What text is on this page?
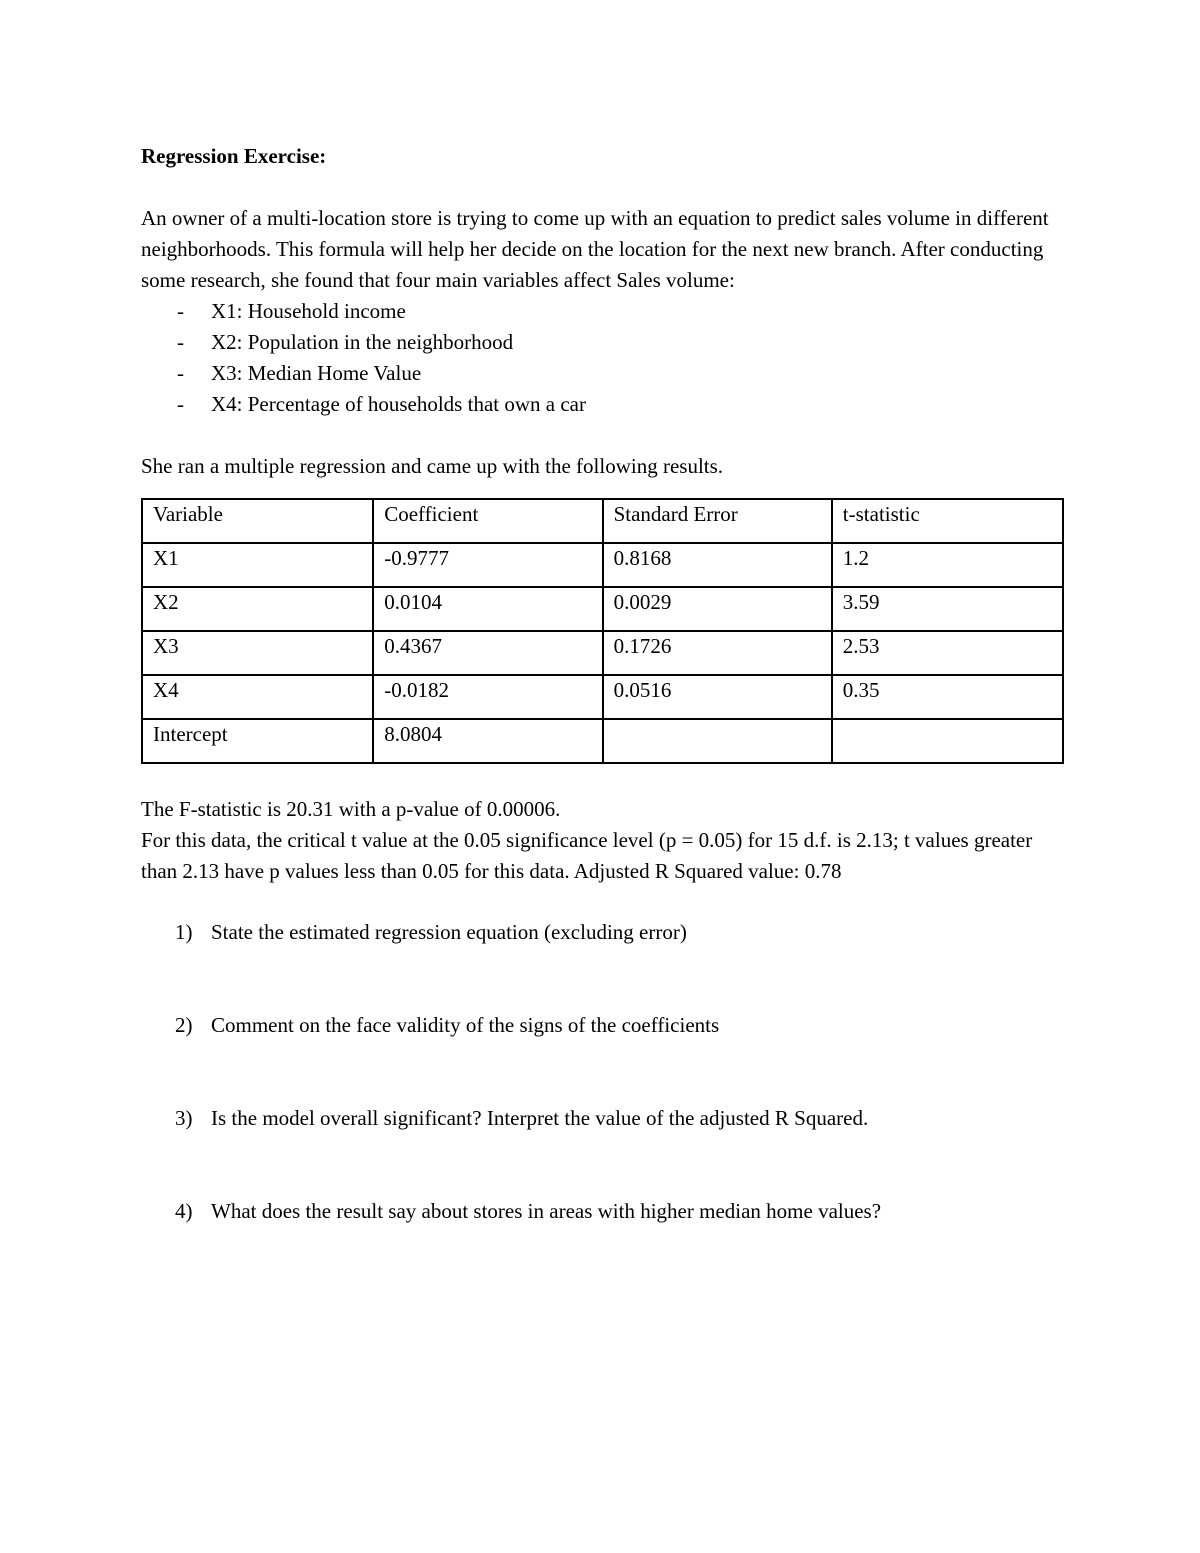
Regression Exercise:

An owner of a multi-location store is trying to come up with an equation to predict sales volume in different neighborhoods. This formula will help her decide on the location for the next new branch. After conducting some research, she found that four main variables affect Sales volume:

- X1: Household income
- X2: Population in the neighborhood
- X3: Median Home Value
- X4: Percentage of households that own a car

She ran a multiple regression and came up with the following results.

Variable	Coefficient	Standard Error	t-statistic
X1	-0.9777	0.8168	1.2
X2	0.0104	0.0029	3.59
X3	0.4367	0.1726	2.53
X4	-0.0182	0.0516	0.35
Intercept	8.0804		

The F-statistic is 20.31 with a p-value of 0.00006.

For this data, the critical t value at the 0.05 significance level (p = 0.05) for 15 d.f. is 2.13; t values greater than 2.13 have p values less than 0.05 for this data. Adjusted R Squared value: 0.78

1) State the estimated regression equation (excluding error)
2) Comment on the face validity of the signs of the coefficients
3) Is the model overall significant? Interpret the value of the adjusted R Squared.
4) What does the result say about stores in areas with higher median home values?
